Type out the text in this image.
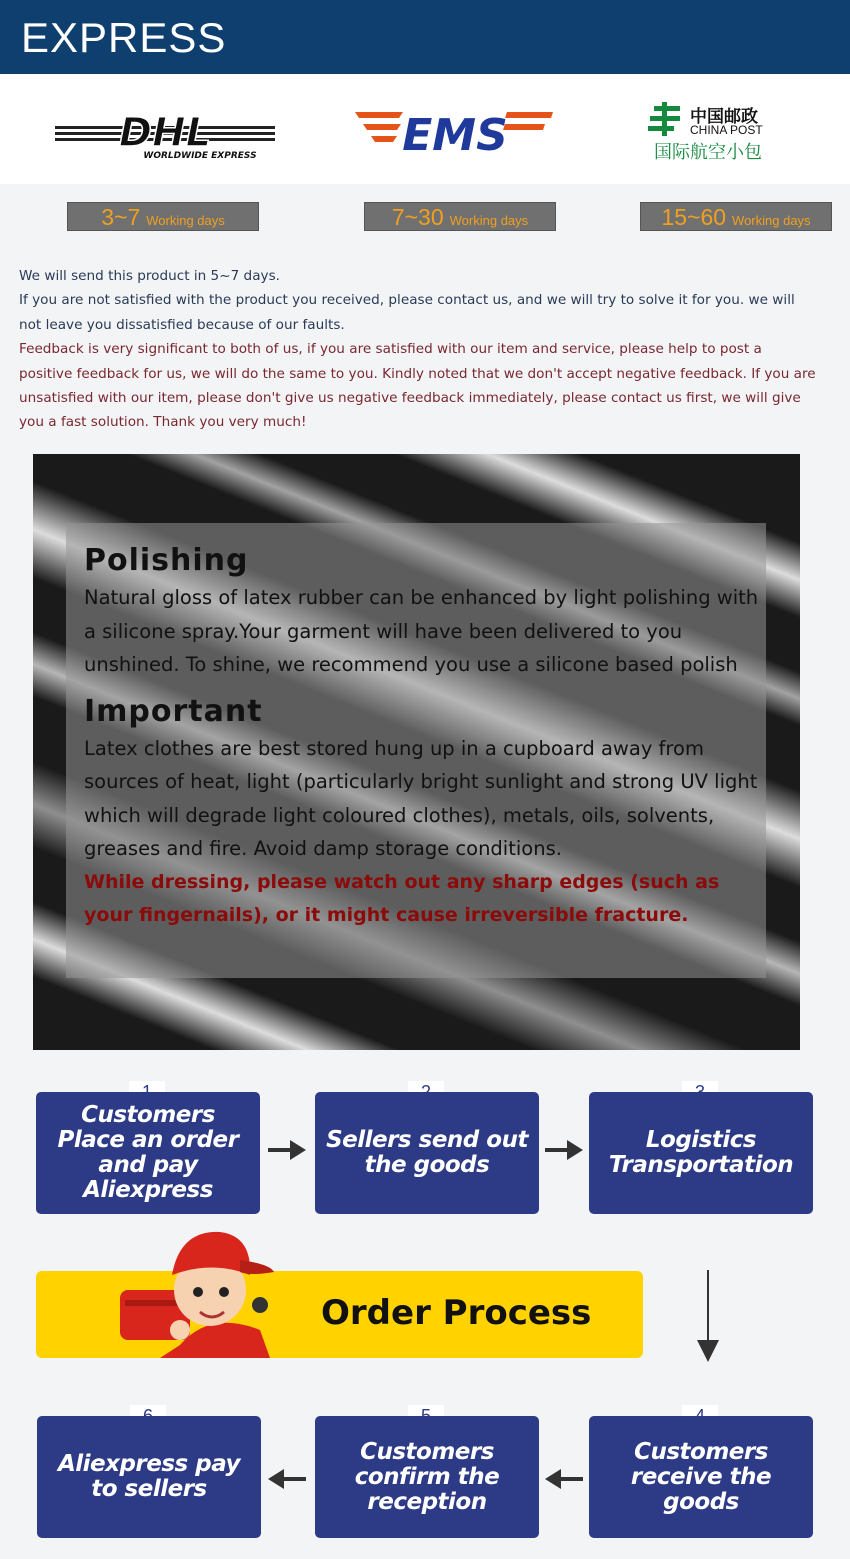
EXPRESS
DHL
WORLDWIDE EXPRESS	EMS	中国邮政
CHINA POST
国际航空小包
3~7 Working days	7~30 Working days	15~60 Working days

We will send this product in 5~7 days.

If you are not satisfied with the product you received, please contact us, and we will try to solve it for you. we will not leave you dissatisfied because of our faults.

Feedback is very significant to both of us, if you are satisfied with our item and service, please help to post a positive feedback for us, we will do the same to you. Kindly noted that we don't accept negative feedback. If you are unsatisfied with our item, please don't give us negative feedback immediately, please contact us first, we will give you a fast solution. Thank you very much!

Polishing

Natural gloss of latex rubber can be enhanced by light polishing with a silicone spray.Your garment will have been delivered to you unshined. To shine, we recommend you use a silicone based polish

Important

Latex clothes are best stored hung up in a cupboard away from sources of heat, light (particularly bright sunlight and strong UV light which will degrade light coloured clothes), metals, oils, solvents, greases and fire. Avoid damp storage conditions.

While dressing, please watch out any sharp edges (such as your fingernails), or it might cause irreversible fracture.

Customers Place an order and pay Aliexpress
Sellers send out the goods
Logistics Transportation
Order Process
Aliexpress pay to sellers
Customers confirm the reception
Customers receive the goods
